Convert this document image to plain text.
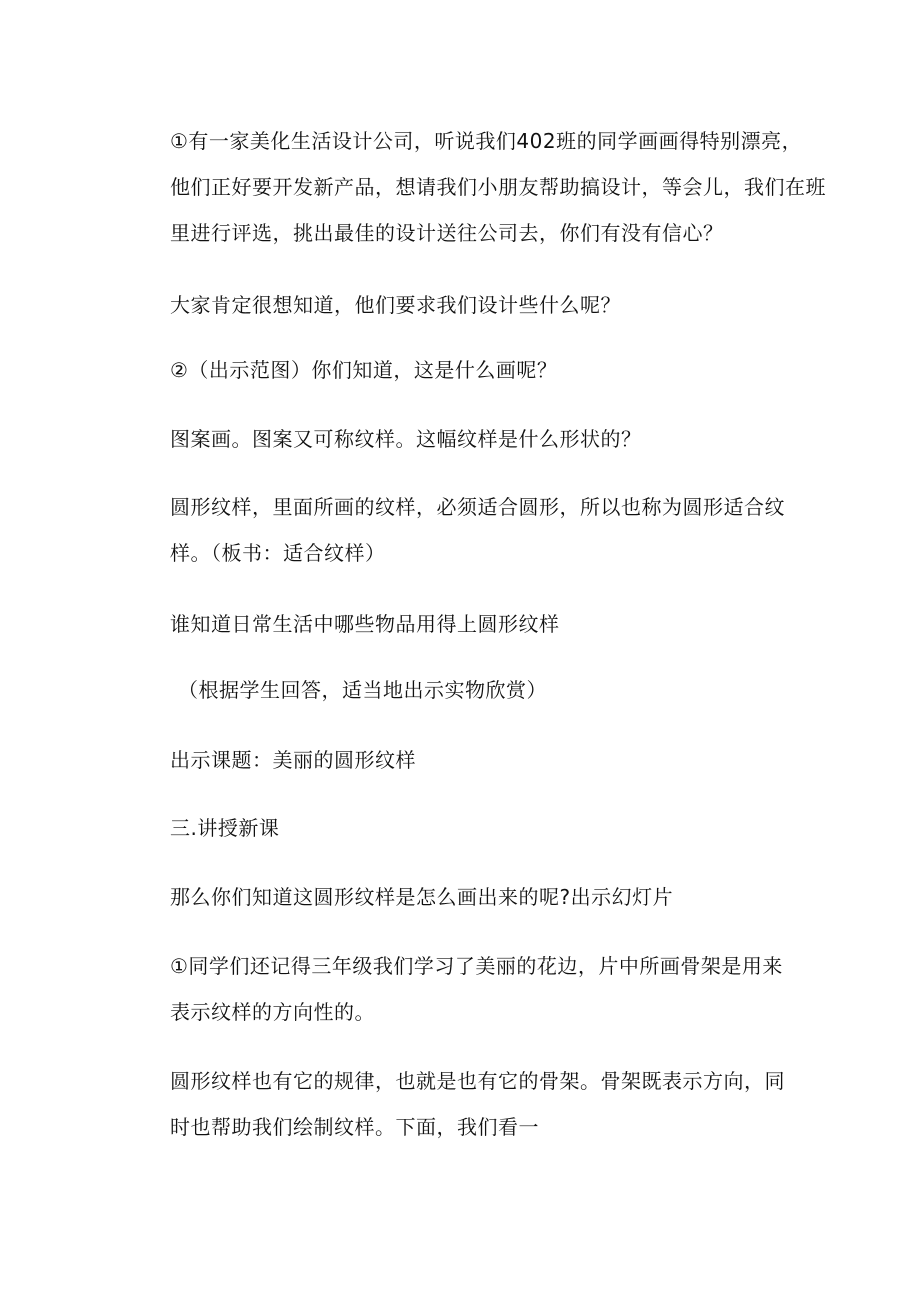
①有一家美化生活设计公司，听说我们402班的同学画画得特别漂亮，
他们正好要开发新产品，想请我们小朋友帮助搞设计，等会儿，我们在班
里进行评选，挑出最佳的设计送往公司去，你们有没有信心？

大家肯定很想知道，他们要求我们设计些什么呢？

②（出示范图）你们知道，这是什么画呢？

图案画。图案又可称纹样。这幅纹样是什么形状的？

圆形纹样，里面所画的纹样，必须适合圆形，所以也称为圆形适合纹
样。（板书：适合纹样）

谁知道日常生活中哪些物品用得上圆形纹样

（根据学生回答，适当地出示实物欣赏）

出示课题：美丽的圆形纹样

三.讲授新课

那么你们知道这圆形纹样是怎么画出来的呢?出示幻灯片

①同学们还记得三年级我们学习了美丽的花边，片中所画骨架是用来
表示纹样的方向性的。

圆形纹样也有它的规律，也就是也有它的骨架。骨架既表示方向，同
时也帮助我们绘制纹样。下面，我们看一
